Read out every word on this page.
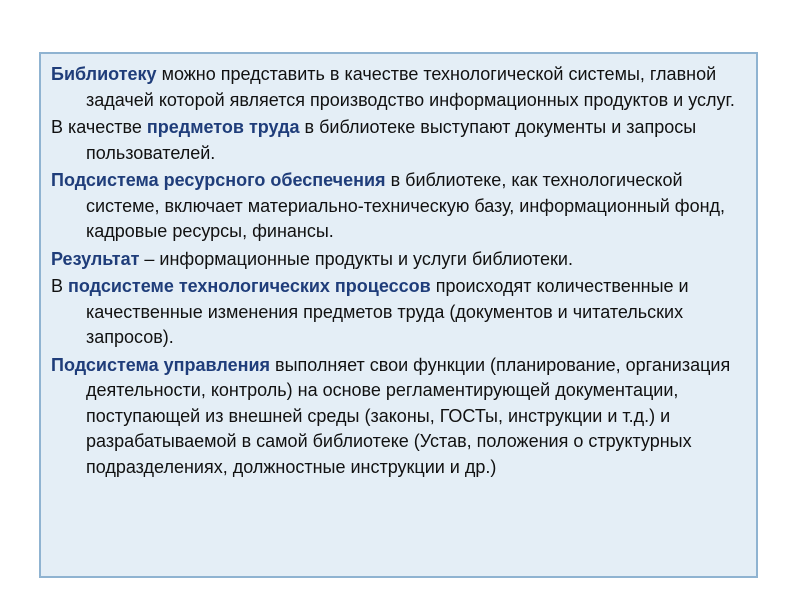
Библиотеку можно представить в качестве технологической системы, главной задачей которой является производство информационных продуктов и услуг.

В качестве предметов труда в библиотеке выступают документы и запросы пользователей.

Подсистема ресурсного обеспечения в библиотеке, как технологической системе, включает материально-техническую базу, информационный фонд, кадровые ресурсы, финансы.

Результат – информационные продукты и услуги библиотеки.

В подсистеме технологических процессов происходят количественные и качественные изменения предметов труда (документов и читательских запросов).

Подсистема управления выполняет свои функции (планирование, организация деятельности, контроль) на основе регламентирующей документации, поступающей из внешней среды (законы, ГОСТы, инструкции и т.д.) и разрабатываемой в самой библиотеке (Устав, положения о структурных подразделениях, должностные инструкции и др.)
